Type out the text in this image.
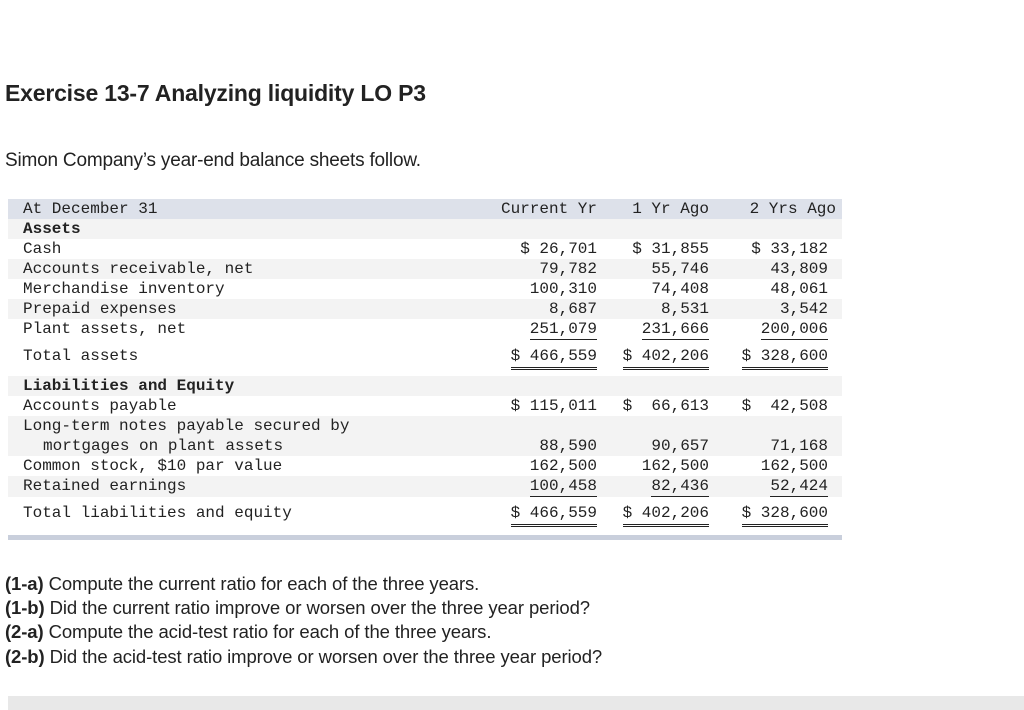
Exercise 13-7 Analyzing liquidity LO P3

Simon Company’s year-end balance sheets follow.

At December 31	Current Yr	1 Yr Ago	2 Yrs Ago
Assets			
Cash	$ 26,701	$ 31,855	$ 33,182
Accounts receivable, net	79,782	55,746	43,809
Merchandise inventory	100,310	74,408	48,061
Prepaid expenses	8,687	8,531	3,542
Plant assets, net	251,079	231,666	200,006
Total assets	$ 466,559	$ 402,206	$ 328,600

Liabilities and Equity			
Accounts payable	$ 115,011	$  66,613	$  42,508
Long-term notes payable secured by			
mortgages on plant assets	88,590	90,657	71,168
Common stock, $10 par value	162,500	162,500	162,500
Retained earnings	100,458	82,436	52,424
Total liabilities and equity	$ 466,559	$ 402,206	$ 328,600
(1-a) Compute the current ratio for each of the three years.
(1-b) Did the current ratio improve or worsen over the three year period?
(2-a) Compute the acid-test ratio for each of the three years.
(2-b) Did the acid-test ratio improve or worsen over the three year period?
